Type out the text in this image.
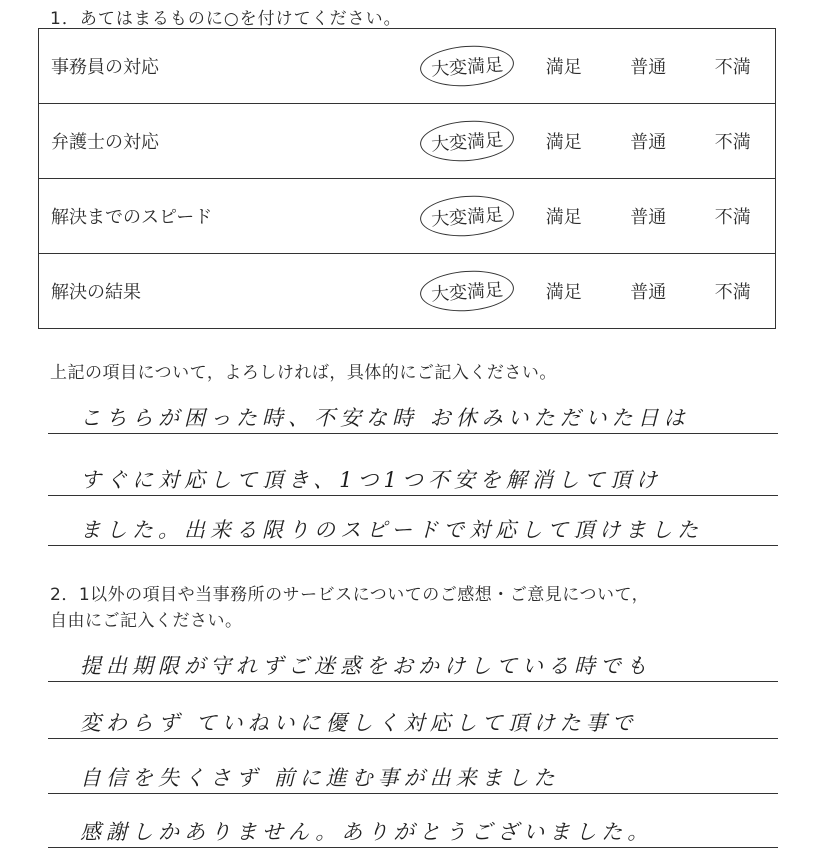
1．あてはまるものに○を付けてください。
事務員の対応	大変満足	満足	普通	不満
弁護士の対応	大変満足	満足	普通	不満
解決までのスピード	大変満足	満足	普通	不満
解決の結果	大変満足	満足	普通	不満
上記の項目について，よろしければ，具体的にご記入ください。
こちらが困った時、不安な時 お休みいただいた日は
すぐに対応して頂き、1つ1つ不安を解消して頂け
ました。出来る限りのスピードで対応して頂けました
2．1以外の項目や当事務所のサービスについてのご感想・ご意見について，
自由にご記入ください。
提出期限が守れずご迷惑をおかけしている時でも
変わらず ていねいに優しく対応して頂けた事で
自信を失くさず 前に進む事が出来ました
感謝しかありません。ありがとうございました。
